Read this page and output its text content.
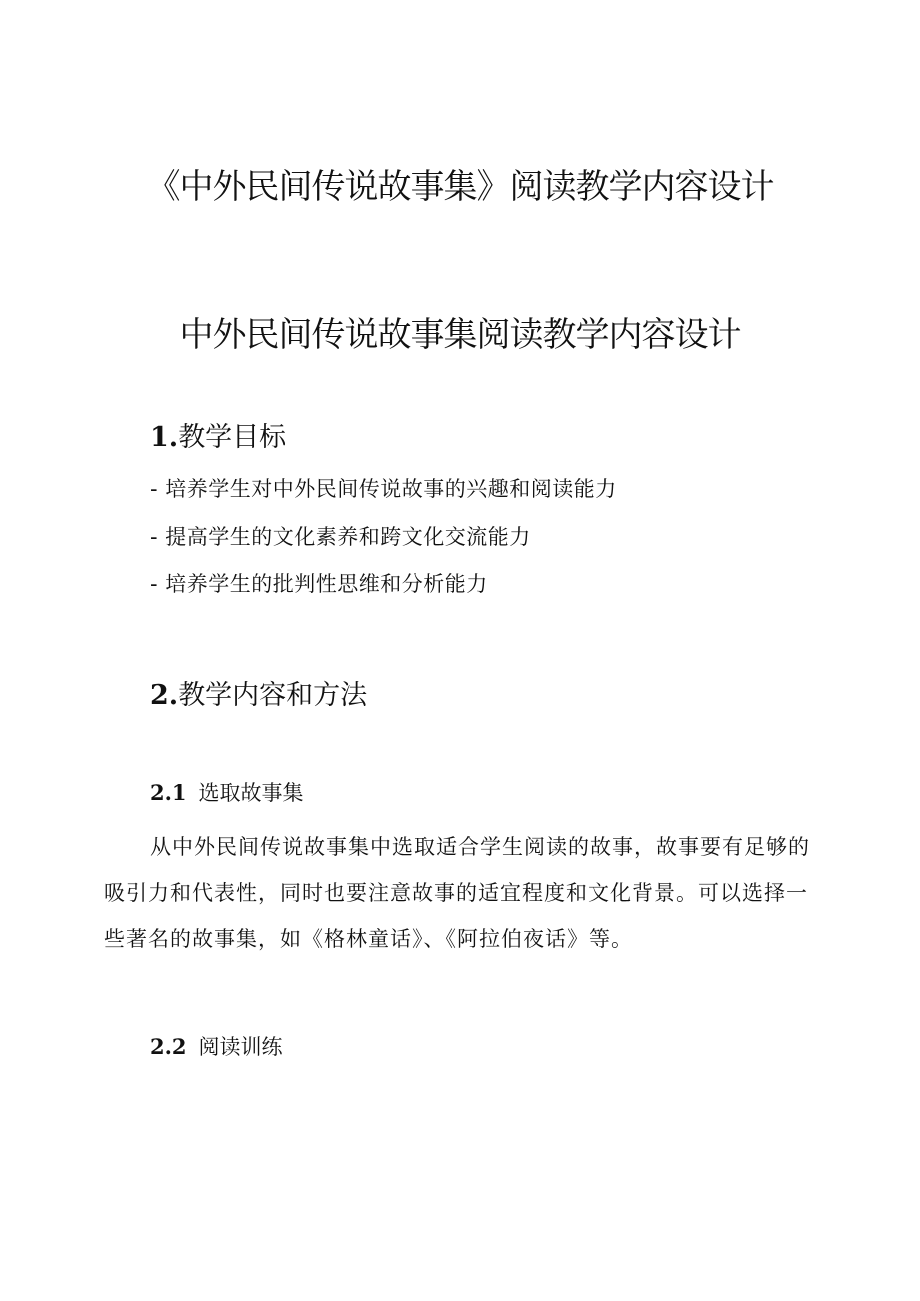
《中外民间传说故事集》阅读教学内容设计
中外民间传说故事集阅读教学内容设计
1.教学目标

- 培养学生对中外民间传说故事的兴趣和阅读能力

- 提高学生的文化素养和跨文化交流能力

- 培养学生的批判性思维和分析能力

2.教学内容和方法
2.1 选取故事集

从中外民间传说故事集中选取适合学生阅读的故事，故事要有足够的吸引力和代表性，同时也要注意故事的适宜程度和文化背景。可以选择一些著名的故事集，如《格林童话》、《阿拉伯夜话》等。

2.2 阅读训练
